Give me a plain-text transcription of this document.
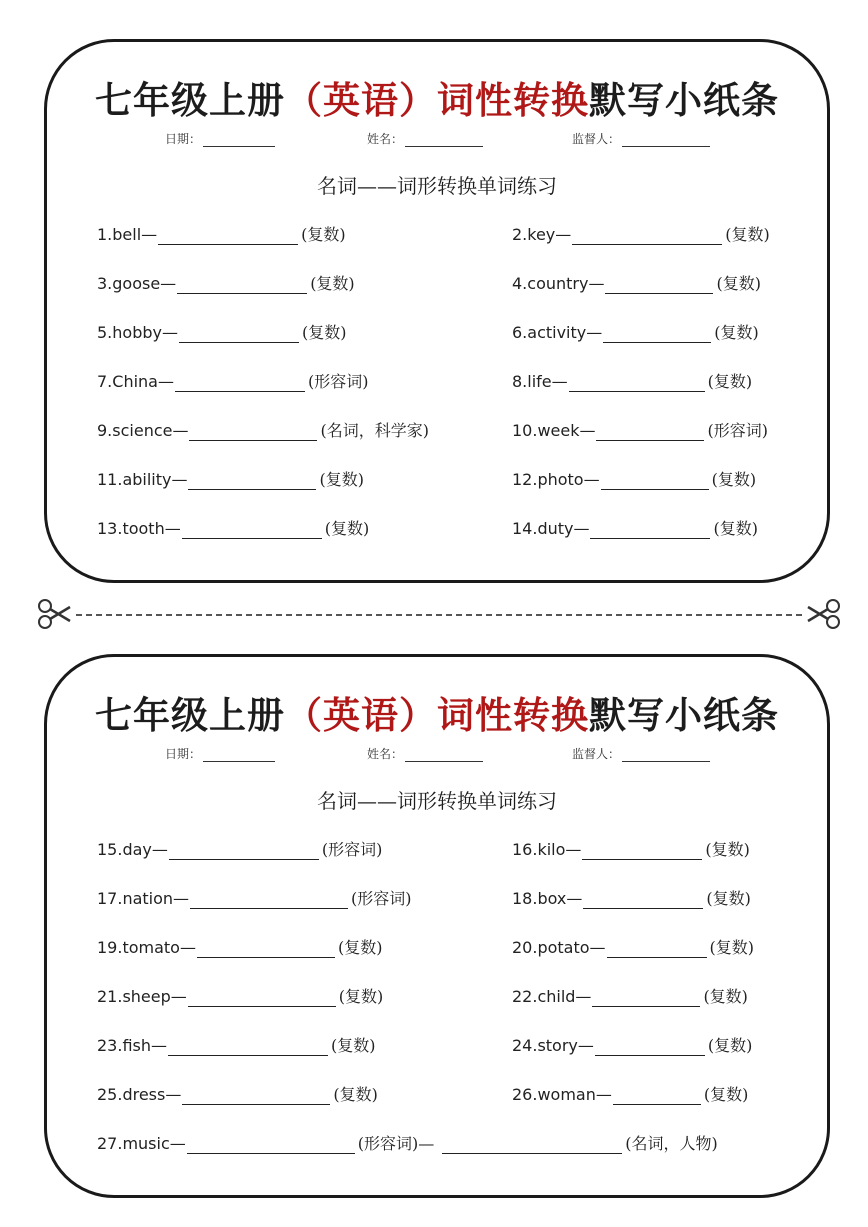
七年级上册（英语）词性转换默写小纸条
日期：	姓名：	监督人：
名词——词形转换单词练习
1.bell—	(复数)	2.key—	(复数)
3.goose—	(复数)	4.country—	(复数)
5.hobby—	(复数)	6.activity—	(复数)
7.China—	(形容词)	8.life—	(复数)
9.science—	(名词，科学家)	10.week—	(形容词)
11.ability—	(复数)	12.photo—	(复数)
13.tooth—	(复数)	14.duty—	(复数)
七年级上册（英语）词性转换默写小纸条
日期：	姓名：	监督人：
名词——词形转换单词练习
15.day—	(形容词)	16.kilo—	(复数)
17.nation—	(形容词)	18.box—	(复数)
19.tomato—	(复数)	20.potato—	(复数)
21.sheep—	(复数)	22.child—	(复数)
23.fish—	(复数)	24.story—	(复数)
25.dress—	(复数)	26.woman—	(复数)
27.music—	(形容词)—	(名词，人物)
